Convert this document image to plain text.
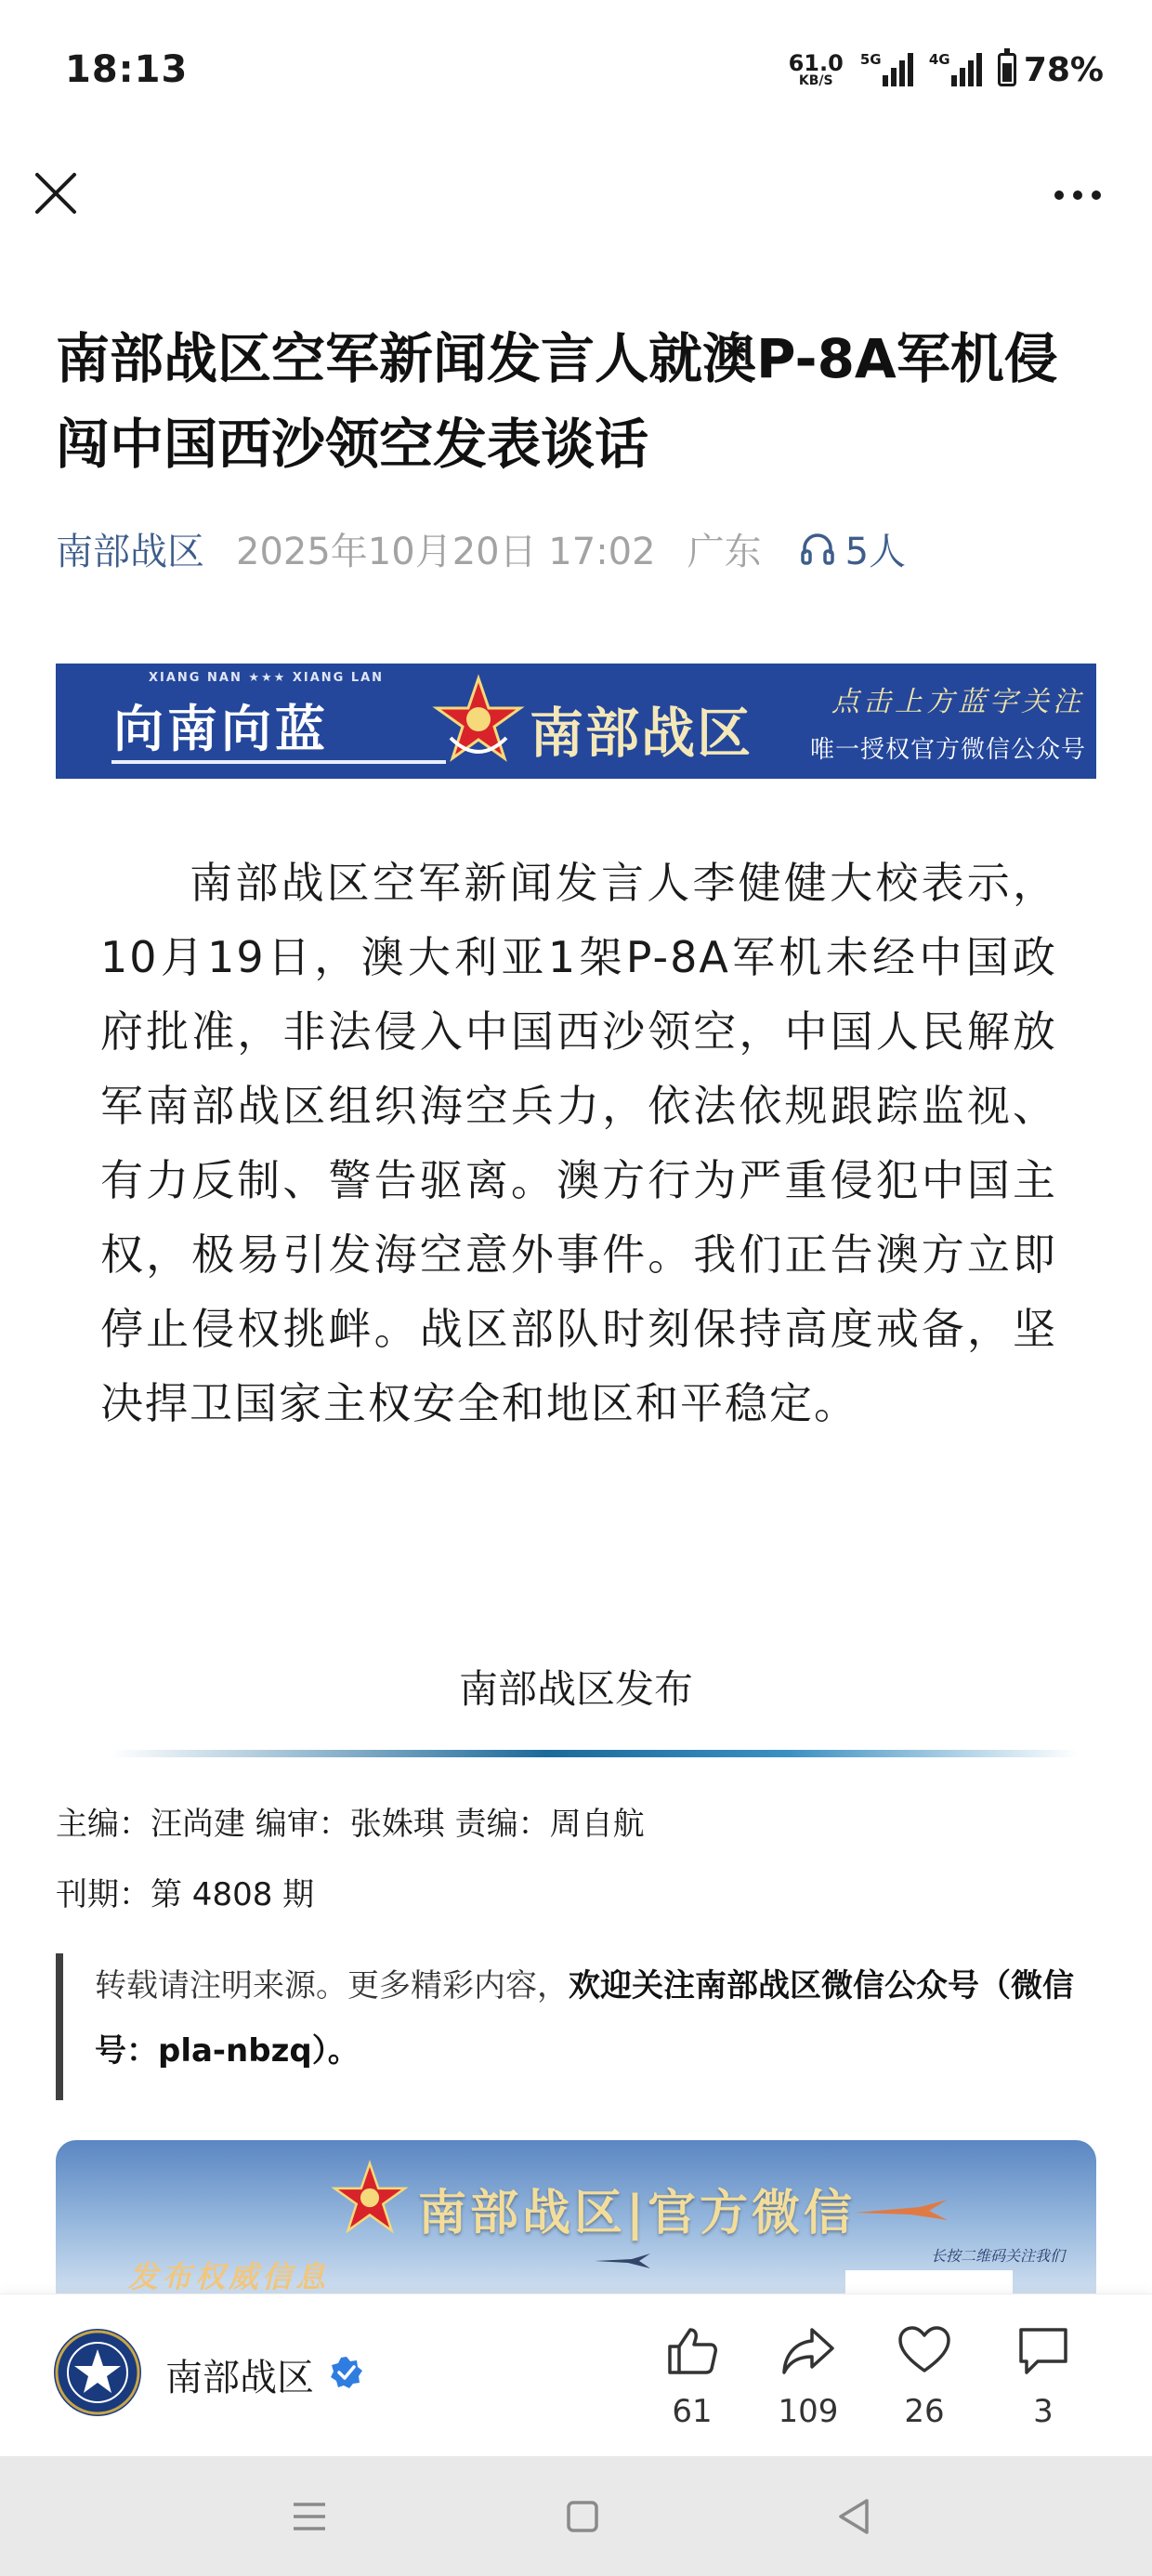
18:13	61.0
KB/S
5G	4G 78%
南部战区空军新闻发言人就澳P-8A军机侵闯中国西沙领空发表谈话
南部战区 2025年10月20日 17:02 广东 5人
XIANG NAN ★★★ XIANG LAN
向南向蓝	南部战区	点击上方蓝字关注
唯一授权官方微信公众号

南部战区空军新闻发言人李健健大校表示，10月19日，澳大利亚1架P-8A军机未经中国政府批准，非法侵入中国西沙领空，中国人民解放军南部战区组织海空兵力，依法依规跟踪监视、有力反制、警告驱离。澳方行为严重侵犯中国主权，极易引发海空意外事件。我们正告澳方立即停止侵权挑衅。战区部队时刻保持高度戒备，坚决捍卫国家主权安全和地区和平稳定。

南部战区发布
主编：汪尚建 编审：张姝琪 责编：周自航
刊期：第 4808 期
转载请注明来源。更多精彩内容，欢迎关注南部战区微信公众号（微信号：pla-nbzq）。
南部战区|官方微信
发布权威信息
长按二维码关注我们
南部战区
61	109	26	3
